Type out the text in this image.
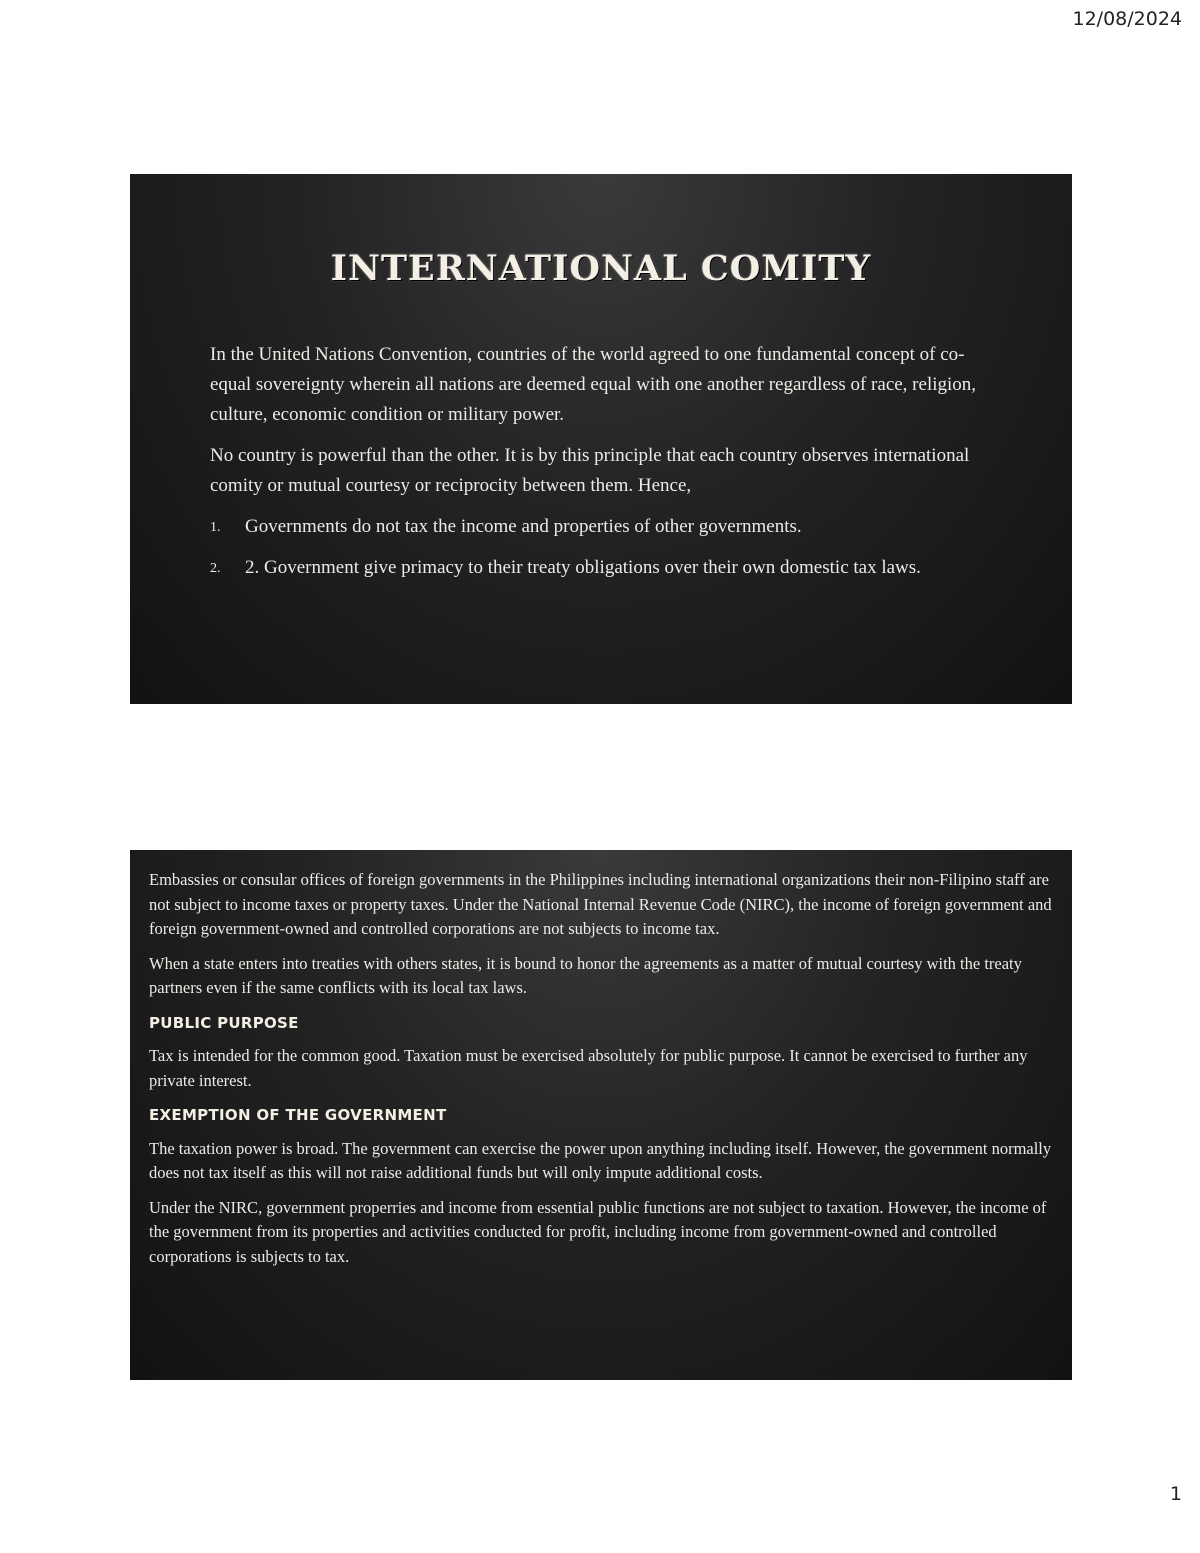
12/08/2024
INTERNATIONAL COMITY

In the United Nations Convention, countries of the world agreed to one fundamental concept of co-equal sovereignty wherein all nations are deemed equal with one another regardless of race, religion, culture, economic condition or military power.

No country is powerful than the other. It is by this principle that each country observes international comity or mutual courtesy or reciprocity between them. Hence,

1. Governments do not tax the income and properties of other governments.
2. 2. Government give primacy to their treaty obligations over their own domestic tax laws.

Embassies or consular offices of foreign governments in the Philippines including international organizations their non-Filipino staff are not subject to income taxes or property taxes. Under the National Internal Revenue Code (NIRC), the income of foreign government and foreign government-owned and controlled corporations are not subjects to income tax.

When a state enters into treaties with others states, it is bound to honor the agreements as a matter of mutual courtesy with the treaty partners even if the same conflicts with its local tax laws.

PUBLIC PURPOSE

Tax is intended for the common good. Taxation must be exercised absolutely for public purpose. It cannot be exercised to further any private interest.

EXEMPTION OF THE GOVERNMENT

The taxation power is broad. The government can exercise the power upon anything including itself. However, the government normally does not tax itself as this will not raise additional funds but will only impute additional costs.

Under the NIRC, government properries and income from essential public functions are not subject to taxation. However, the income of the government from its properties and activities conducted for profit, including income from government-owned and controlled corporations is subjects to tax.

1
